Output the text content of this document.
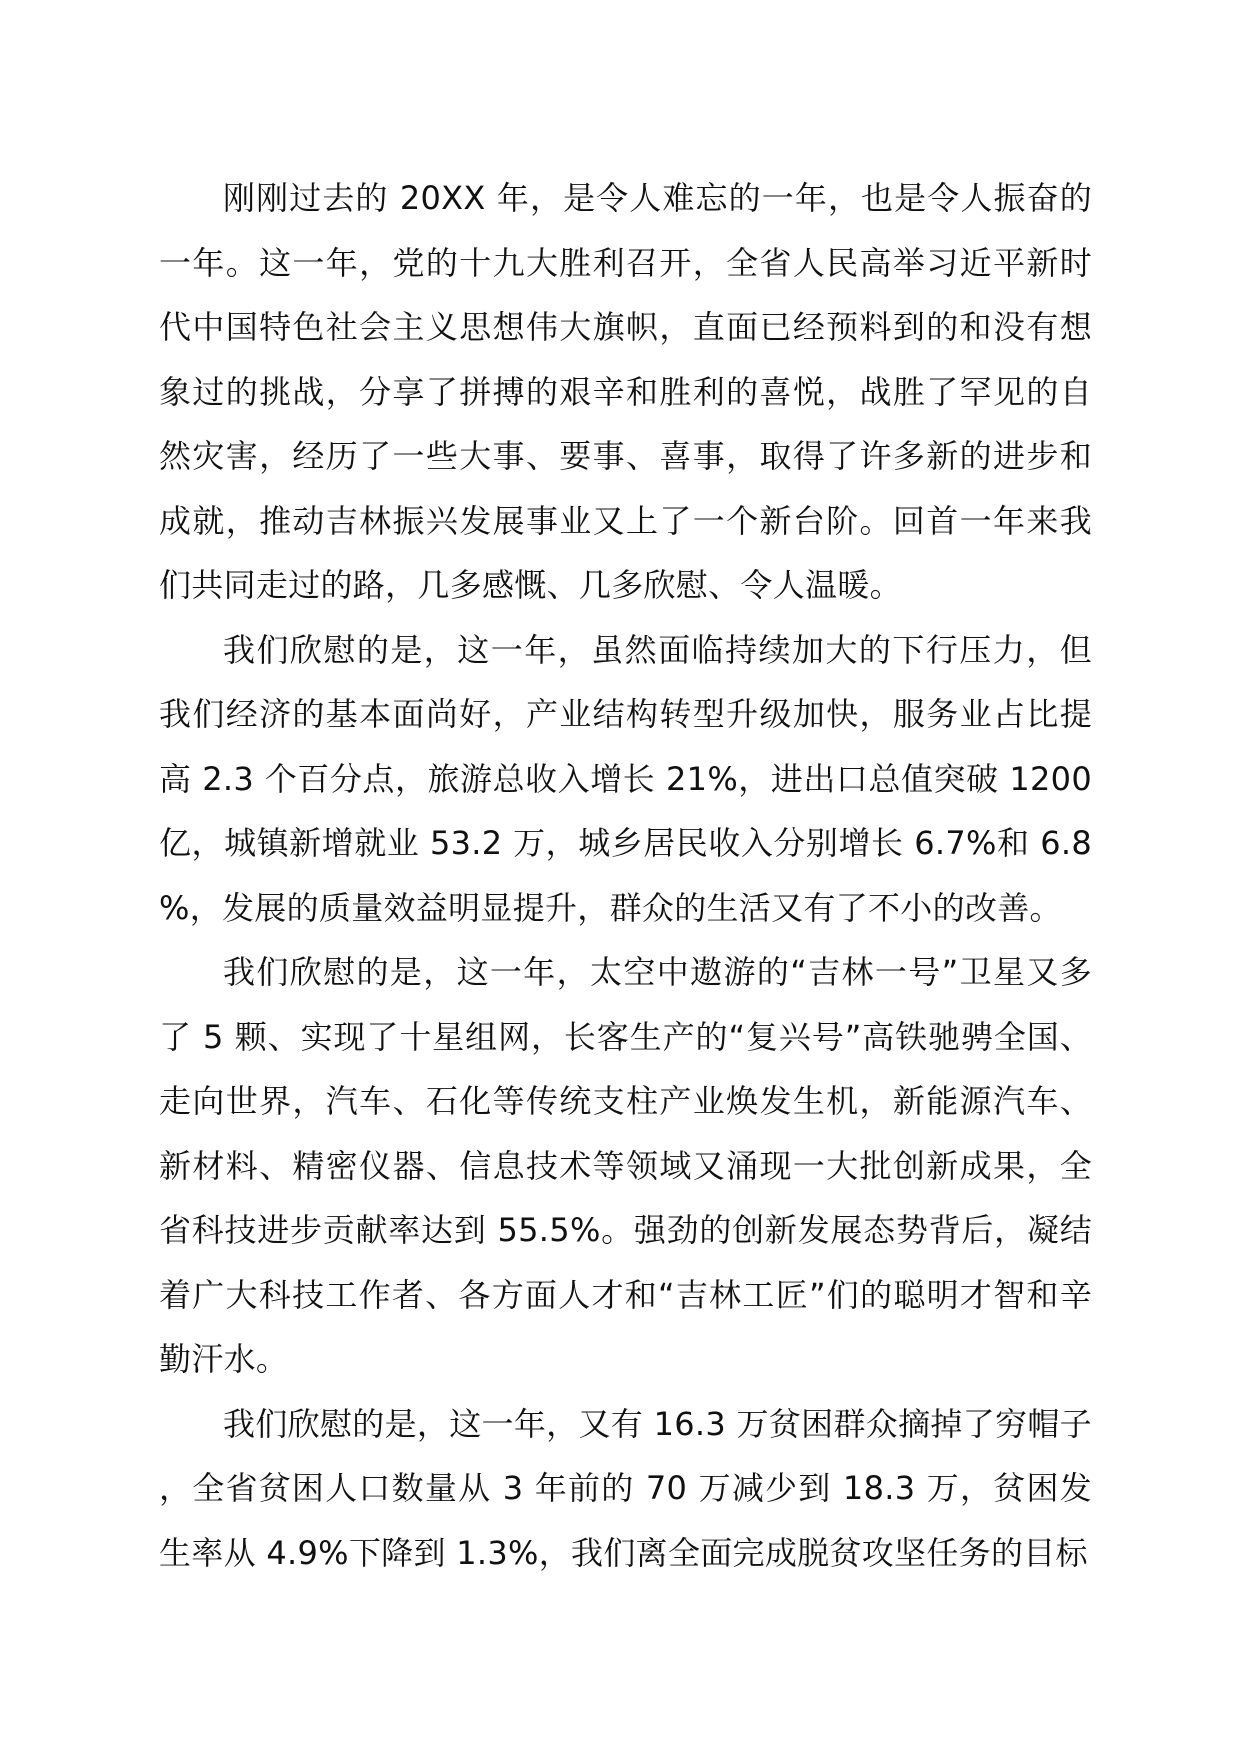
刚刚过去的 20XX 年，是令人难忘的一年，也是令人振奋的一年。这一年，党的十九大胜利召开，全省人民高举习近平新时代中国特色社会主义思想伟大旗帜，直面已经预料到的和没有想象过的挑战，分享了拼搏的艰辛和胜利的喜悦，战胜了罕见的自然灾害，经历了一些大事、要事、喜事，取得了许多新的进步和成就，推动吉林振兴发展事业又上了一个新台阶。回首一年来我们共同走过的路，几多感慨、几多欣慰、令人温暖。

我们欣慰的是，这一年，虽然面临持续加大的下行压力，但我们经济的基本面尚好，产业结构转型升级加快，服务业占比提高 2.3 个百分点，旅游总收入增长 21%，进出口总值突破 1200 亿，城镇新增就业 53.2 万，城乡居民收入分别增长 6.7%和 6.8%，发展的质量效益明显提升，群众的生活又有了不小的改善。

我们欣慰的是，这一年，太空中遨游的“吉林一号”卫星又多了 5 颗、实现了十星组网，长客生产的“复兴号”高铁驰骋全国、走向世界，汽车、石化等传统支柱产业焕发生机，新能源汽车、新材料、精密仪器、信息技术等领域又涌现一大批创新成果，全省科技进步贡献率达到 55.5%。强劲的创新发展态势背后，凝结着广大科技工作者、各方面人才和“吉林工匠”们的聪明才智和辛勤汗水。

我们欣慰的是，这一年，又有 16.3 万贫困群众摘掉了穷帽子，全省贫困人口数量从 3 年前的 70 万减少到 18.3 万，贫困发生率从 4.9%下降到 1.3%，我们离全面完成脱贫攻坚任务的目标
